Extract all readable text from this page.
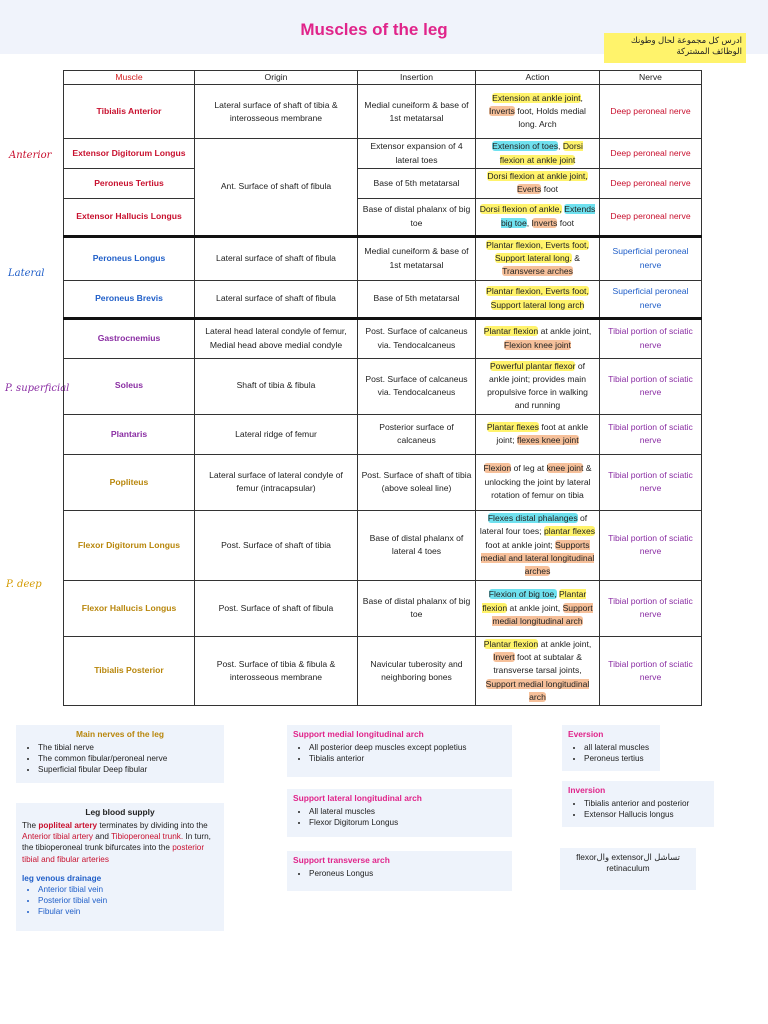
Muscles of the leg
ادرس كل مجموعة لحال وطونك الوظائف المشتركة
Anterior
Lateral
P. superficial
P. deep
Muscle	Origin	Insertion	Action	Nerve
Tibialis Anterior	Lateral surface of shaft of tibia & interosseous membrane	Medial cuneiform & base of 1st metatarsal	Extension at ankle joint, Inverts foot, Holds medial long. Arch	Deep peroneal nerve
Extensor Digitorum Longus	Ant. Surface of shaft of fibula	Extensor expansion of 4 lateral toes	Extension of toes, Dorsi flexion at ankle joint	Deep peroneal nerve
Peroneus Tertius		Base of 5th metatarsal	Dorsi flexion at ankle joint, Everts foot	Deep peroneal nerve
Extensor Hallucis Longus		Base of distal phalanx of big toe	Dorsi flexion of ankle, Extends big toe, Inverts foot	Deep peroneal nerve
Peroneus Longus	Lateral surface of shaft of fibula	Medial cuneiform & base of 1st metatarsal	Plantar flexion, Everts foot, Support lateral long. & Transverse arches	Superficial peroneal nerve
Peroneus Brevis	Lateral surface of shaft of fibula	Base of 5th metatarsal	Plantar flexion, Everts foot, Support lateral long arch	Superficial peroneal nerve
Gastrocnemius	Lateral head lateral condyle of femur, Medial head above medial condyle	Post. Surface of calcaneus via. Tendocalcaneus	Plantar flexion at ankle joint, Flexion knee joint	Tibial portion of sciatic nerve
Soleus	Shaft of tibia & fibula	Post. Surface of calcaneus via. Tendocalcaneus	Powerful plantar flexor of ankle joint; provides main propulsive force in walking and running	Tibial portion of sciatic nerve
Plantaris	Lateral ridge of femur	Posterior surface of calcaneus	Plantar flexes foot at ankle joint; flexes knee joint	Tibial portion of sciatic nerve
Popliteus	Lateral surface of lateral condyle of femur (intracapsular)	Post. Surface of shaft of tibia (above soleal line)	Flexion of leg at knee joint & unlocking the joint by lateral rotation of femur on tibia	Tibial portion of sciatic nerve
Flexor Digitorum Longus	Post. Surface of shaft of tibia	Base of distal phalanx of lateral 4 toes	Flexes distal phalanges of lateral four toes; plantar flexes foot at ankle joint; Supports medial and lateral longitudinal arches	Tibial portion of sciatic nerve
Flexor Hallucis Longus	Post. Surface of shaft of fibula	Base of distal phalanx of big toe	Flexion of big toe, Plantar flexion at ankle joint, Support medial longitudinal arch	Tibial portion of sciatic nerve
Tibialis Posterior	Post. Surface of tibia & fibula & interosseous membrane	Navicular tuberosity and neighboring bones	Plantar flexion at ankle joint, Invert foot at subtalar & transverse tarsal joints, Support medial longitudinal arch	Tibial portion of sciatic nerve
Main nerves of the leg
• The tibial nerve
• The common fibular/peroneal nerve
• Superficial fibular Deep fibular
Leg blood supply
The popliteal artery terminates by dividing into the Anterior tibial artery and Tibioperoneal trunk. In turn, the tibioperoneal trunk bifurcates into the posterior tibial and fibular arteries
leg venous drainage
• Anterior tibial vein
• Posterior tibial vein
• Fibular vein
Support medial longitudinal arch
• All posterior deep muscles except popletius
• Tibialis anterior
Support lateral longitudinal arch
• All lateral muscles
• Flexor Digitorum Longus
Support transverse arch
• Peroneus Longus
Eversion
• all lateral muscles
• Peroneus tertius
Inversion
• Tibialis anterior and posterior
• Extensor Hallucis longus
تساشل الextensor والflexor retinaculum
